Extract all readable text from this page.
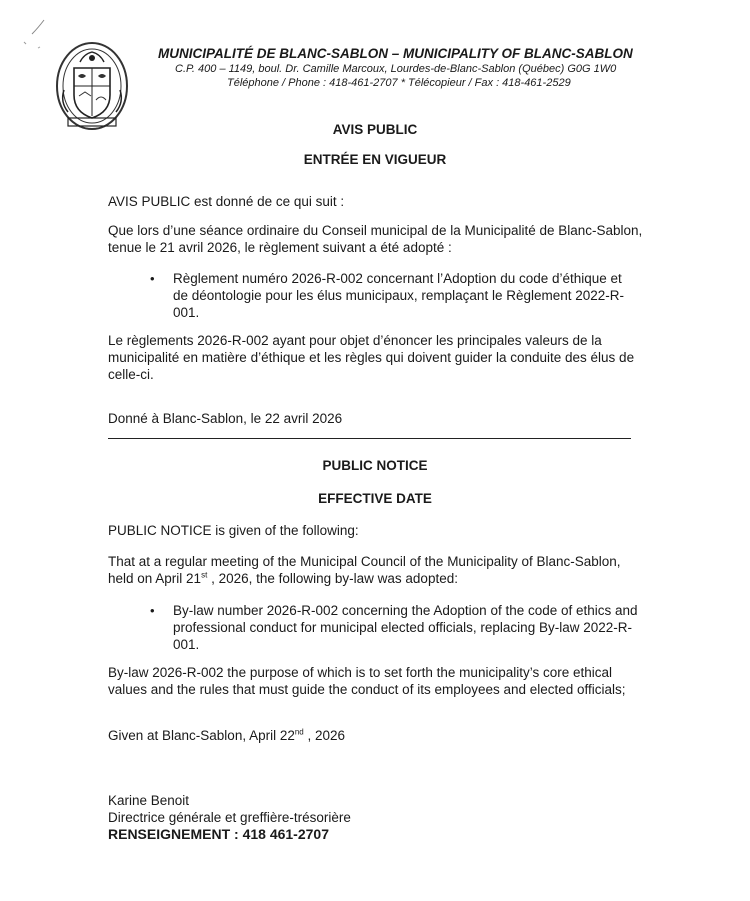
MUNICIPALITÉ DE BLANC-SABLON – MUNICIPALITY OF BLANC-SABLON
C.P. 400 – 1149, boul. Dr. Camille Marcoux, Lourdes-de-Blanc-Sablon (Québec) G0G 1W0
Téléphone / Phone : 418-461-2707 * Télécopieur / Fax : 418-461-2529
AVIS PUBLIC
ENTRÉE EN VIGUEUR
AVIS PUBLIC est donné de ce qui suit :
Que lors d’une séance ordinaire du Conseil municipal de la Municipalité de Blanc-Sablon,
tenue le 21 avril 2026, le règlement suivant a été adopté :
• Règlement numéro 2026-R-002 concernant l’Adoption du code d’éthique et
de déontologie pour les élus municipaux, remplaçant le Règlement 2022-R-
001.
Le règlements 2026-R-002 ayant pour objet d’énoncer les principales valeurs de la
municipalité en matière d’éthique et les règles qui doivent guider la conduite des élus de
celle-ci.
Donné à Blanc-Sablon, le 22 avril 2026
PUBLIC NOTICE
EFFECTIVE DATE
PUBLIC NOTICE is given of the following:
That at a regular meeting of the Municipal Council of the Municipality of Blanc-Sablon,
held on April 21st , 2026, the following by-law was adopted:
• By-law number 2026-R-002 concerning the Adoption of the code of ethics and
professional conduct for municipal elected officials, replacing By-law 2022-R-
001.
By-law 2026-R-002 the purpose of which is to set forth the municipality’s core ethical
values and the rules that must guide the conduct of its employees and elected officials;
Given at Blanc-Sablon, April 22nd , 2026
Karine Benoit
Directrice générale et greffière-trésorière
RENSEIGNEMENT : 418 461-2707
